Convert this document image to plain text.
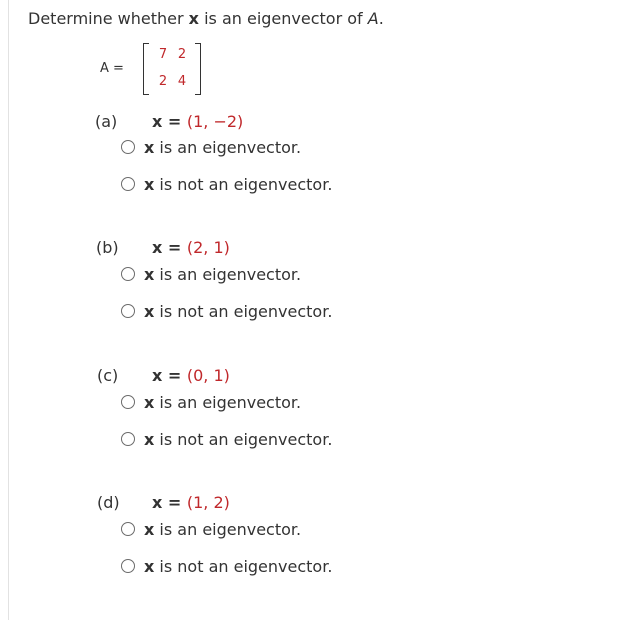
Determine whether x is an eigenvector of A.
A =
7 2
2 4
(a) x = (1, −2)
x is an eigenvector.
x is not an eigenvector.
(b) x = (2, 1)
x is an eigenvector.
x is not an eigenvector.
(c) x = (0, 1)
x is an eigenvector.
x is not an eigenvector.
(d) x = (1, 2)
x is an eigenvector.
x is not an eigenvector.
